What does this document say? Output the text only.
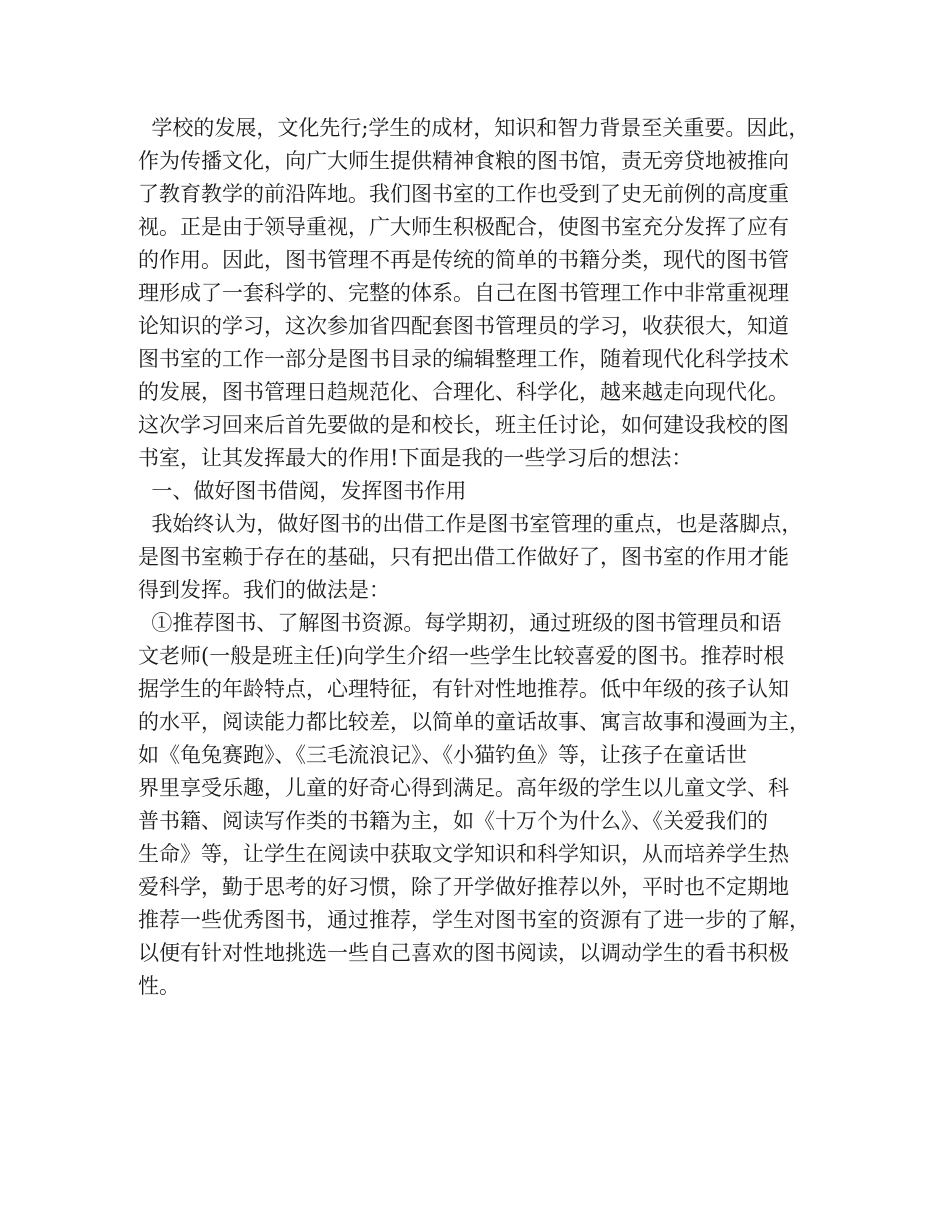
学校的发展，文化先行;学生的成材，知识和智力背景至关重要。因此，
作为传播文化，向广大师生提供精神食粮的图书馆，责无旁贷地被推向
了教育教学的前沿阵地。我们图书室的工作也受到了史无前例的高度重
视。正是由于领导重视，广大师生积极配合，使图书室充分发挥了应有
的作用。因此，图书管理不再是传统的简单的书籍分类，现代的图书管
理形成了一套科学的、完整的体系。自己在图书管理工作中非常重视理
论知识的学习，这次参加省四配套图书管理员的学习，收获很大，知道
图书室的工作一部分是图书目录的编辑整理工作，随着现代化科学技术
的发展，图书管理日趋规范化、合理化、科学化，越来越走向现代化。
这次学习回来后首先要做的是和校长，班主任讨论，如何建设我校的图
书室，让其发挥最大的作用!下面是我的一些学习后的想法：
一、做好图书借阅，发挥图书作用
我始终认为，做好图书的出借工作是图书室管理的重点，也是落脚点，
是图书室赖于存在的基础，只有把出借工作做好了，图书室的作用才能
得到发挥。我们的做法是：
①推荐图书、了解图书资源。每学期初，通过班级的图书管理员和语
文老师(一般是班主任)向学生介绍一些学生比较喜爱的图书。推荐时根
据学生的年龄特点，心理特征，有针对性地推荐。低中年级的孩子认知
的水平，阅读能力都比较差，以简单的童话故事、寓言故事和漫画为主，
如《龟兔赛跑》、《三毛流浪记》、《小猫钓鱼》等，让孩子在童话世
界里享受乐趣，儿童的好奇心得到满足。高年级的学生以儿童文学、科
普书籍、阅读写作类的书籍为主，如《十万个为什么》、《关爱我们的
生命》等，让学生在阅读中获取文学知识和科学知识，从而培养学生热
爱科学，勤于思考的好习惯，除了开学做好推荐以外，平时也不定期地
推荐一些优秀图书，通过推荐，学生对图书室的资源有了进一步的了解，
以便有针对性地挑选一些自己喜欢的图书阅读，以调动学生的看书积极
性。
